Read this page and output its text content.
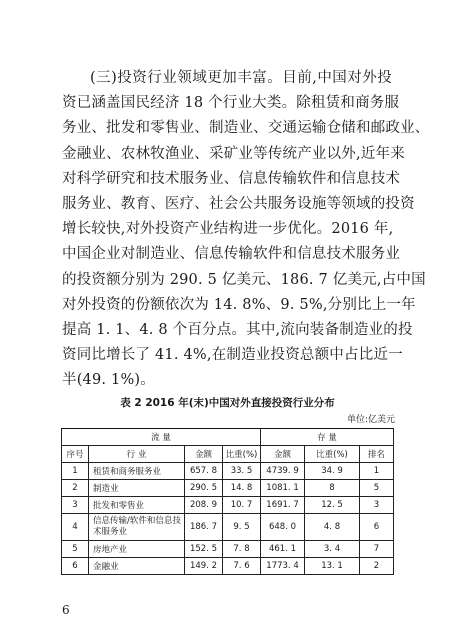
(三)投资行业领域更加丰富。目前,中国对外投
资已涵盖国民经济 18 个行业大类。除租赁和商务服
务业、批发和零售业、制造业、交通运输仓储和邮政业、
金融业、农林牧渔业、采矿业等传统产业以外,近年来
对科学研究和技术服务业、信息传输软件和信息技术
服务业、教育、医疗、社会公共服务设施等领域的投资
增长较快,对外投资产业结构进一步优化。2016 年,
中国企业对制造业、信息传输软件和信息技术服务业
的投资额分别为 290. 5 亿美元、186. 7 亿美元,占中国
对外投资的份额依次为 14. 8%、9. 5%,分别比上一年
提高 1. 1、4. 8 个百分点。其中,流向装备制造业的投
资同比增长了 41. 4%,在制造业投资总额中占比近一
半(49. 1%)。
表 2 2016 年(末)中国对外直接投资行业分布
单位:亿美元
流 量				存 量		
序号	行 业	金额	比重(%)	金额	比重(%)	排名
1	租赁和商务服务业	657. 8	33. 5	4739. 9	34. 9	1
2	制造业	290. 5	14. 8	1081. 1	8	5
3	批发和零售业	208. 9	10. 7	1691. 7	12. 5	3
4	信息传输/软件和信息技术服务业	186. 7	9. 5	648. 0	4. 8	6
5	房地产业	152. 5	7. 8	461. 1	3. 4	7
6	金融业	149. 2	7. 6	1773. 4	13. 1	2
6
